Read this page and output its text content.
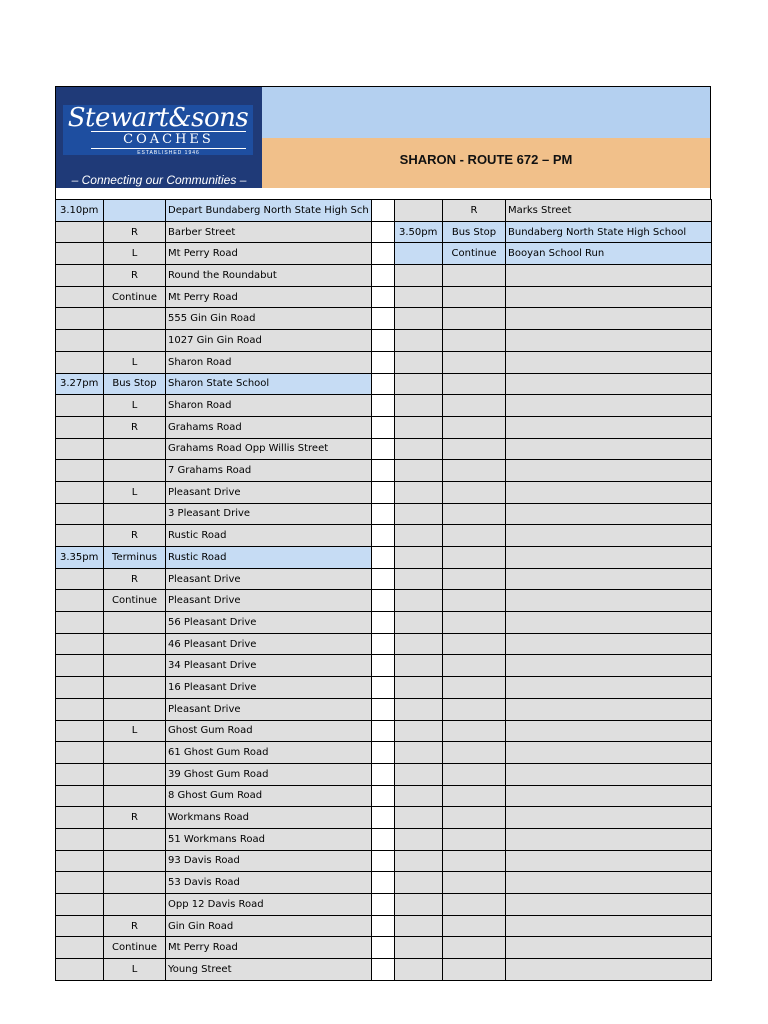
Stewart&sons
COACHES
ESTABLISHED 1946
– Connecting our Communities –
SHARON - ROUTE 672 – PM
3.10pm		Depart Bundaberg North State High Sch			R	Marks Street
	R	Barber Street		3.50pm	Bus Stop	Bundaberg North State High School
	L	Mt Perry Road			Continue	Booyan School Run
	R	Round the Roundabut				
	Continue	Mt Perry Road				
		555 Gin Gin Road				
		1027 Gin Gin Road				
	L	Sharon Road				
3.27pm	Bus Stop	Sharon State School				
	L	Sharon Road				
	R	Grahams Road				
		Grahams Road Opp Willis Street				
		7 Grahams Road				
	L	Pleasant Drive				
		3 Pleasant Drive				
	R	Rustic Road				
3.35pm	Terminus	Rustic Road				
	R	Pleasant Drive				
	Continue	Pleasant Drive				
		56 Pleasant Drive				
		46 Pleasant Drive				
		34 Pleasant Drive				
		16 Pleasant Drive				
		Pleasant Drive				
	L	Ghost Gum Road				
		61 Ghost Gum Road				
		39 Ghost Gum Road				
		8 Ghost Gum Road				
	R	Workmans Road				
		51 Workmans Road				
		93 Davis Road				
		53 Davis Road				
		Opp 12 Davis Road				
	R	Gin Gin Road				
	Continue	Mt Perry Road				
	L	Young Street				
